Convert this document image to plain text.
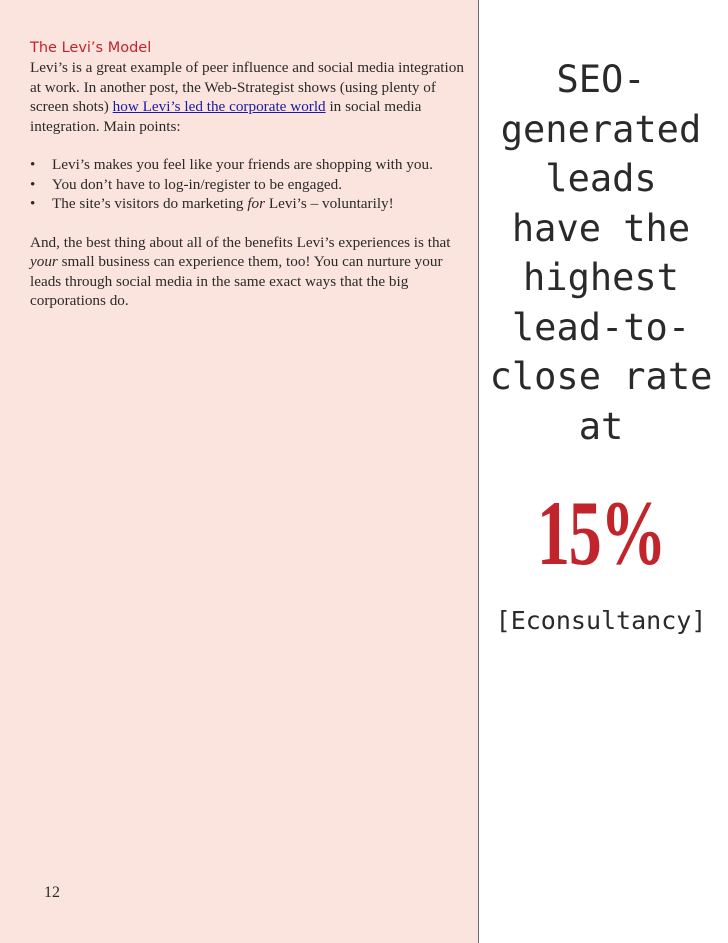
The Levi’s Model

Levi’s is a great example of peer influence and social media integration at work. In another post, the Web-Strategist shows (using plenty of screen shots) how Levi’s led the corporate world in social media integration. Main points:

• Levi’s makes you feel like your friends are shopping with you.
• You don’t have to log-in/register to be engaged.
• The site’s visitors do marketing for Levi’s – voluntarily!

And, the best thing about all of the benefits Levi’s experiences is that your small business can experience them, too! You can nurture your leads through social media in the same exact ways that the big corporations do.

12
SEO-
generated
leads
have the
highest
lead-to-
close rate
at
15%
[Econsultancy]
